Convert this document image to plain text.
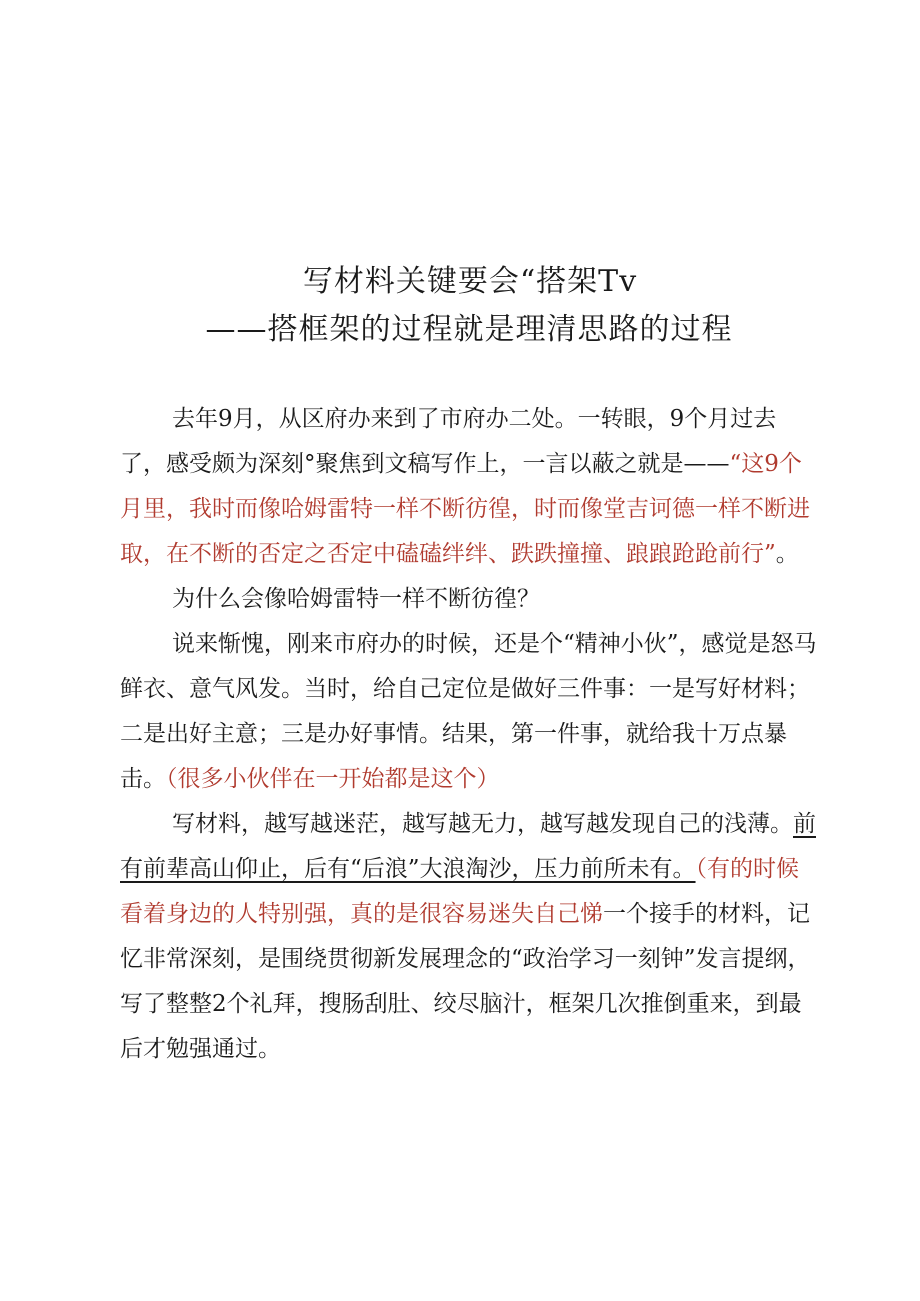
写材料关键要会“搭架Tv
——搭框架的过程就是理清思路的过程

去年9月，从区府办来到了市府办二处。一转眼，9个月过去了，感受颇为深刻°聚焦到文稿写作上，一言以蔽之就是——“这9个月里，我时而像哈姆雷特一样不断彷徨，时而像堂吉诃德一样不断进取，在不断的否定之否定中磕磕绊绊、跌跌撞撞、踉踉跄跄前行”。

为什么会像哈姆雷特一样不断彷徨？

说来惭愧，刚来市府办的时候，还是个“精神小伙”，感觉是怒马鲜衣、意气风发。当时，给自己定位是做好三件事：一是写好材料；二是出好主意；三是办好事情。结果，第一件事，就给我十万点暴击。（很多小伙伴在一开始都是这个）

写材料，越写越迷茫，越写越无力，越写越发现自己的浅薄。前有前辈高山仰止，后有“后浪”大浪淘沙，压力前所未有。（有的时候看着身边的人特别强，真的是很容易迷失自己悌一个接手的材料，记忆非常深刻，是围绕贯彻新发展理念的“政治学习一刻钟”发言提纲，写了整整2个礼拜，搜肠刮肚、绞尽脑汁，框架几次推倒重来，到最后才勉强通过。
